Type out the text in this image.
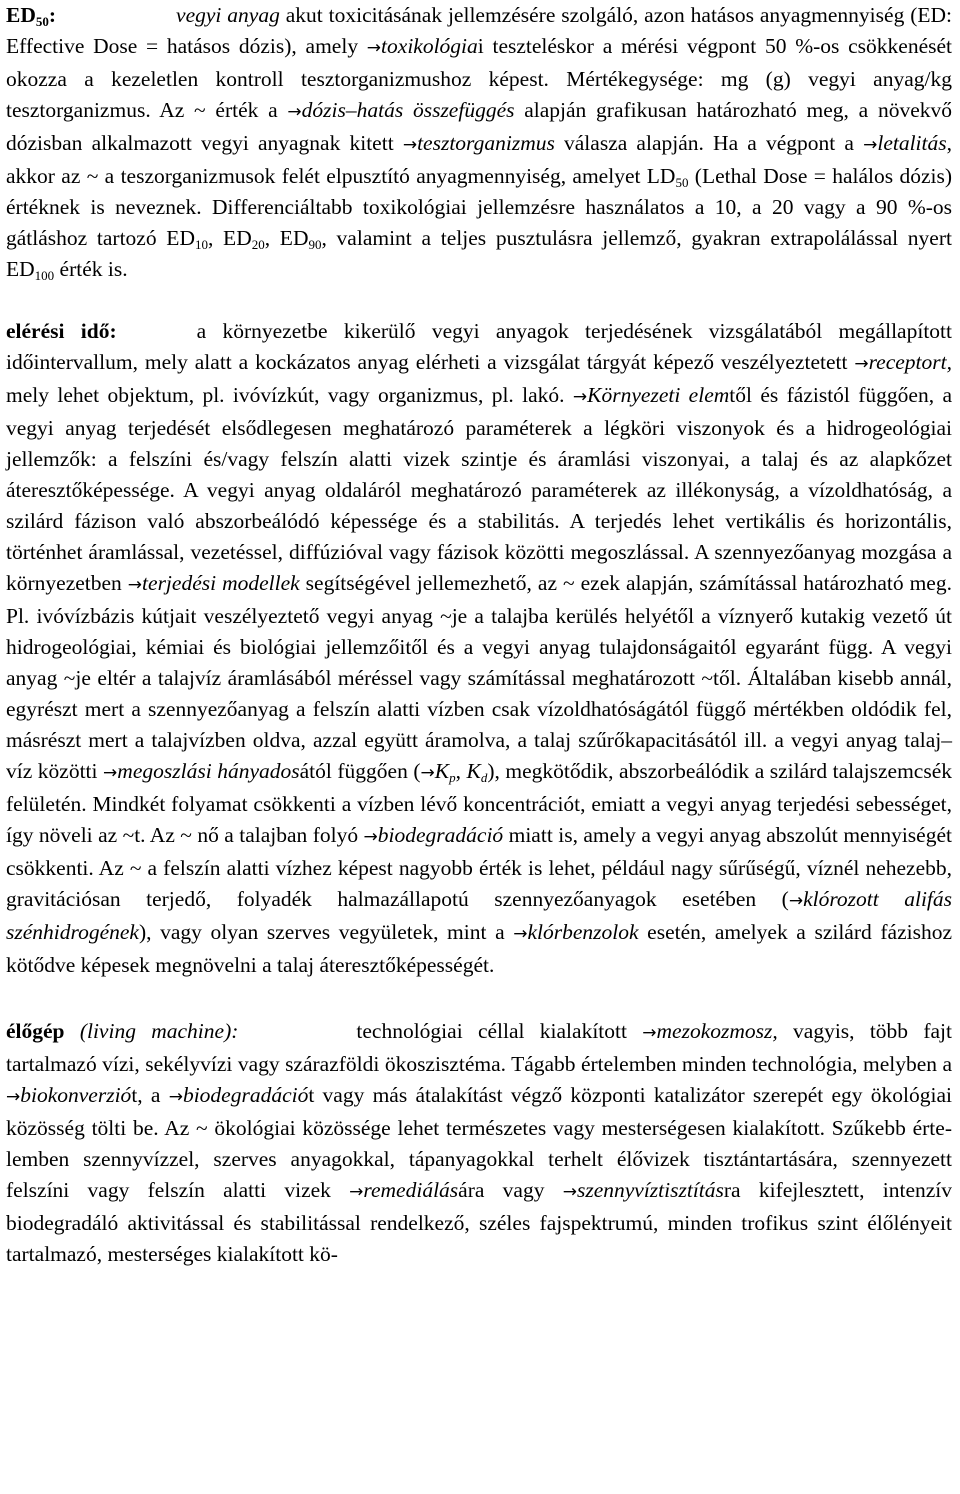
$ED_{50}$:	vegyi anyag akut toxicitásának jellemzésére szolgáló, azon hatásos anyagmennyiség (ED: Effective Dose = hatásos dózis), amely →toxikológiai teszteléskor a mérési végpont 50 %-os csökkenését okozza a kezeletlen kontroll tesztorganizmushoz képest. Mértékegysége: mg (g) vegyi anyag/kg tesztorganizmus. Az ~ érték a →dózis–hatás összefüggés alapján grafikusan határozható meg, a növekvő dózisban alkalmazott vegyi anyagnak kitett →tesztorganizmus válasza alapján. Ha a végpont a →letalitás, akkor az ~ a teszorganizmusok felét elpusztító anyagmennyiség, amelyet $LD_{50}$ (Lethal Dose = halálos dózis) értéknek is neveznek. Differenciáltabb toxikológiai jellemzésre használatos a 10, a 20 vagy a 90 %-os gátláshoz tartozó $ED_{10}$, $ED_{20}$, $ED_{90}$, valamint a teljes pusztulásra jellemző, gyakran extrapolálással nyert $ED_{100}$ érték is.

elérési idő:	a környezetbe kikerülő vegyi anyagok terjedésének vizsgálatából megállapított időintervallum, mely alatt a kockázatos anyag elérheti a vizsgálat tárgyát képező veszélyeztetett →receptort, mely lehet objektum, pl. ivóvízkút, vagy organizmus, pl. lakó. →Környezeti elemtől és fázistól függően, a vegyi anyag terjedését elsődlegesen meghatározó paraméterek a légköri viszonyok és a hidrogeológiai jellemzők: a felszíni és/vagy felszín alatti vizek szintje és áramlási viszonyai, a talaj és az alapkőzet áteresztőképessége. A vegyi anyag oldaláról meghatározó paraméterek az illékonyság, a vízoldhatóság, a szilárd fázison való abszorbeálódó képessége és a stabilitás. A terjedés lehet vertikális és horizontális, történhet áramlással, vezetéssel, diffúzióval vagy fázisok közötti megoszlással. A szennyezőanyag mozgása a környezetben →terjedési modellek segítségével jellemezhető, az ~ ezek alapján, számítással határozható meg. Pl. ivóvízbázis kútjait veszélyeztető vegyi anyag ~je a talajba kerülés helyétől a víznyerő kutakig vezető út hidrogeológiai, kémiai és biológiai jellemzőitől és a vegyi anyag tulajdonságaitól egyaránt függ. A vegyi anyag ~je eltér a talajvíz áramlásából méréssel vagy számítással meghatározott ~től. Általában kisebb annál, egyrészt mert a szennyezőanyag a felszín alatti vízben csak vízoldhatóságától függő mértékben oldódik fel, másrészt mert a talajvízben oldva, azzal együtt áramolva, a talaj szűrőkapacitásától ill. a vegyi anyag talaj–víz közötti →megoszlási hányadosától függően ($\to K_p$, $K_d$), megkötődik, abszorbeálódik a szilárd talajszemcsék felületén. Mindkét folyamat csökkenti a vízben lévő koncentrációt, emiatt a vegyi anyag terjedési sebességet, így növeli az ~t. Az ~ nő a talajban folyó →biodegradáció miatt is, amely a vegyi anyag abszolút mennyiségét csökkenti. Az ~ a felszín alatti vízhez képest nagyobb érték is lehet, például nagy sűrűségű, víznél nehezebb, gravitációsan terjedő, folyadék halmazállapotú szennyezőanyagok esetében (→klórozott alifás szénhidrogének), vagy olyan szerves vegyületek, mint a →klórbenzolok esetén, amelyek a szilárd fázishoz kötődve képesek megnövelni a talaj áteresztőképességét.

élőgép (living machine):	technológiai céllal kialakított →mezokozmosz, vagyis, több fajt tartalmazó vízi, sekélyvízi vagy szárazföldi ökoszisztéma. Tágabb értelemben minden technológia, melyben a →biokonverziót, a →biodegradációt vagy más átalakítást végző központi katalizátor szerepét egy ökológiai közösség tölti be. Az ~ ökológiai közössége lehet természetes vagy mesterségesen kialakított. Szűkebb értelemben szennyvízzel, szerves anyagokkal, tápanyagokkal terhelt élővizek tisztántartására, szennyezett felszíni vagy felszín alatti vizek →remediálására vagy →szennyvíztisztításra kifejlesztett, intenzív biodegradáló aktivitással és stabilitással rendelkező, széles fajspektrumú, minden trofikus szint élőlényeit tartalmazó, mesterséges kialakított kö-
